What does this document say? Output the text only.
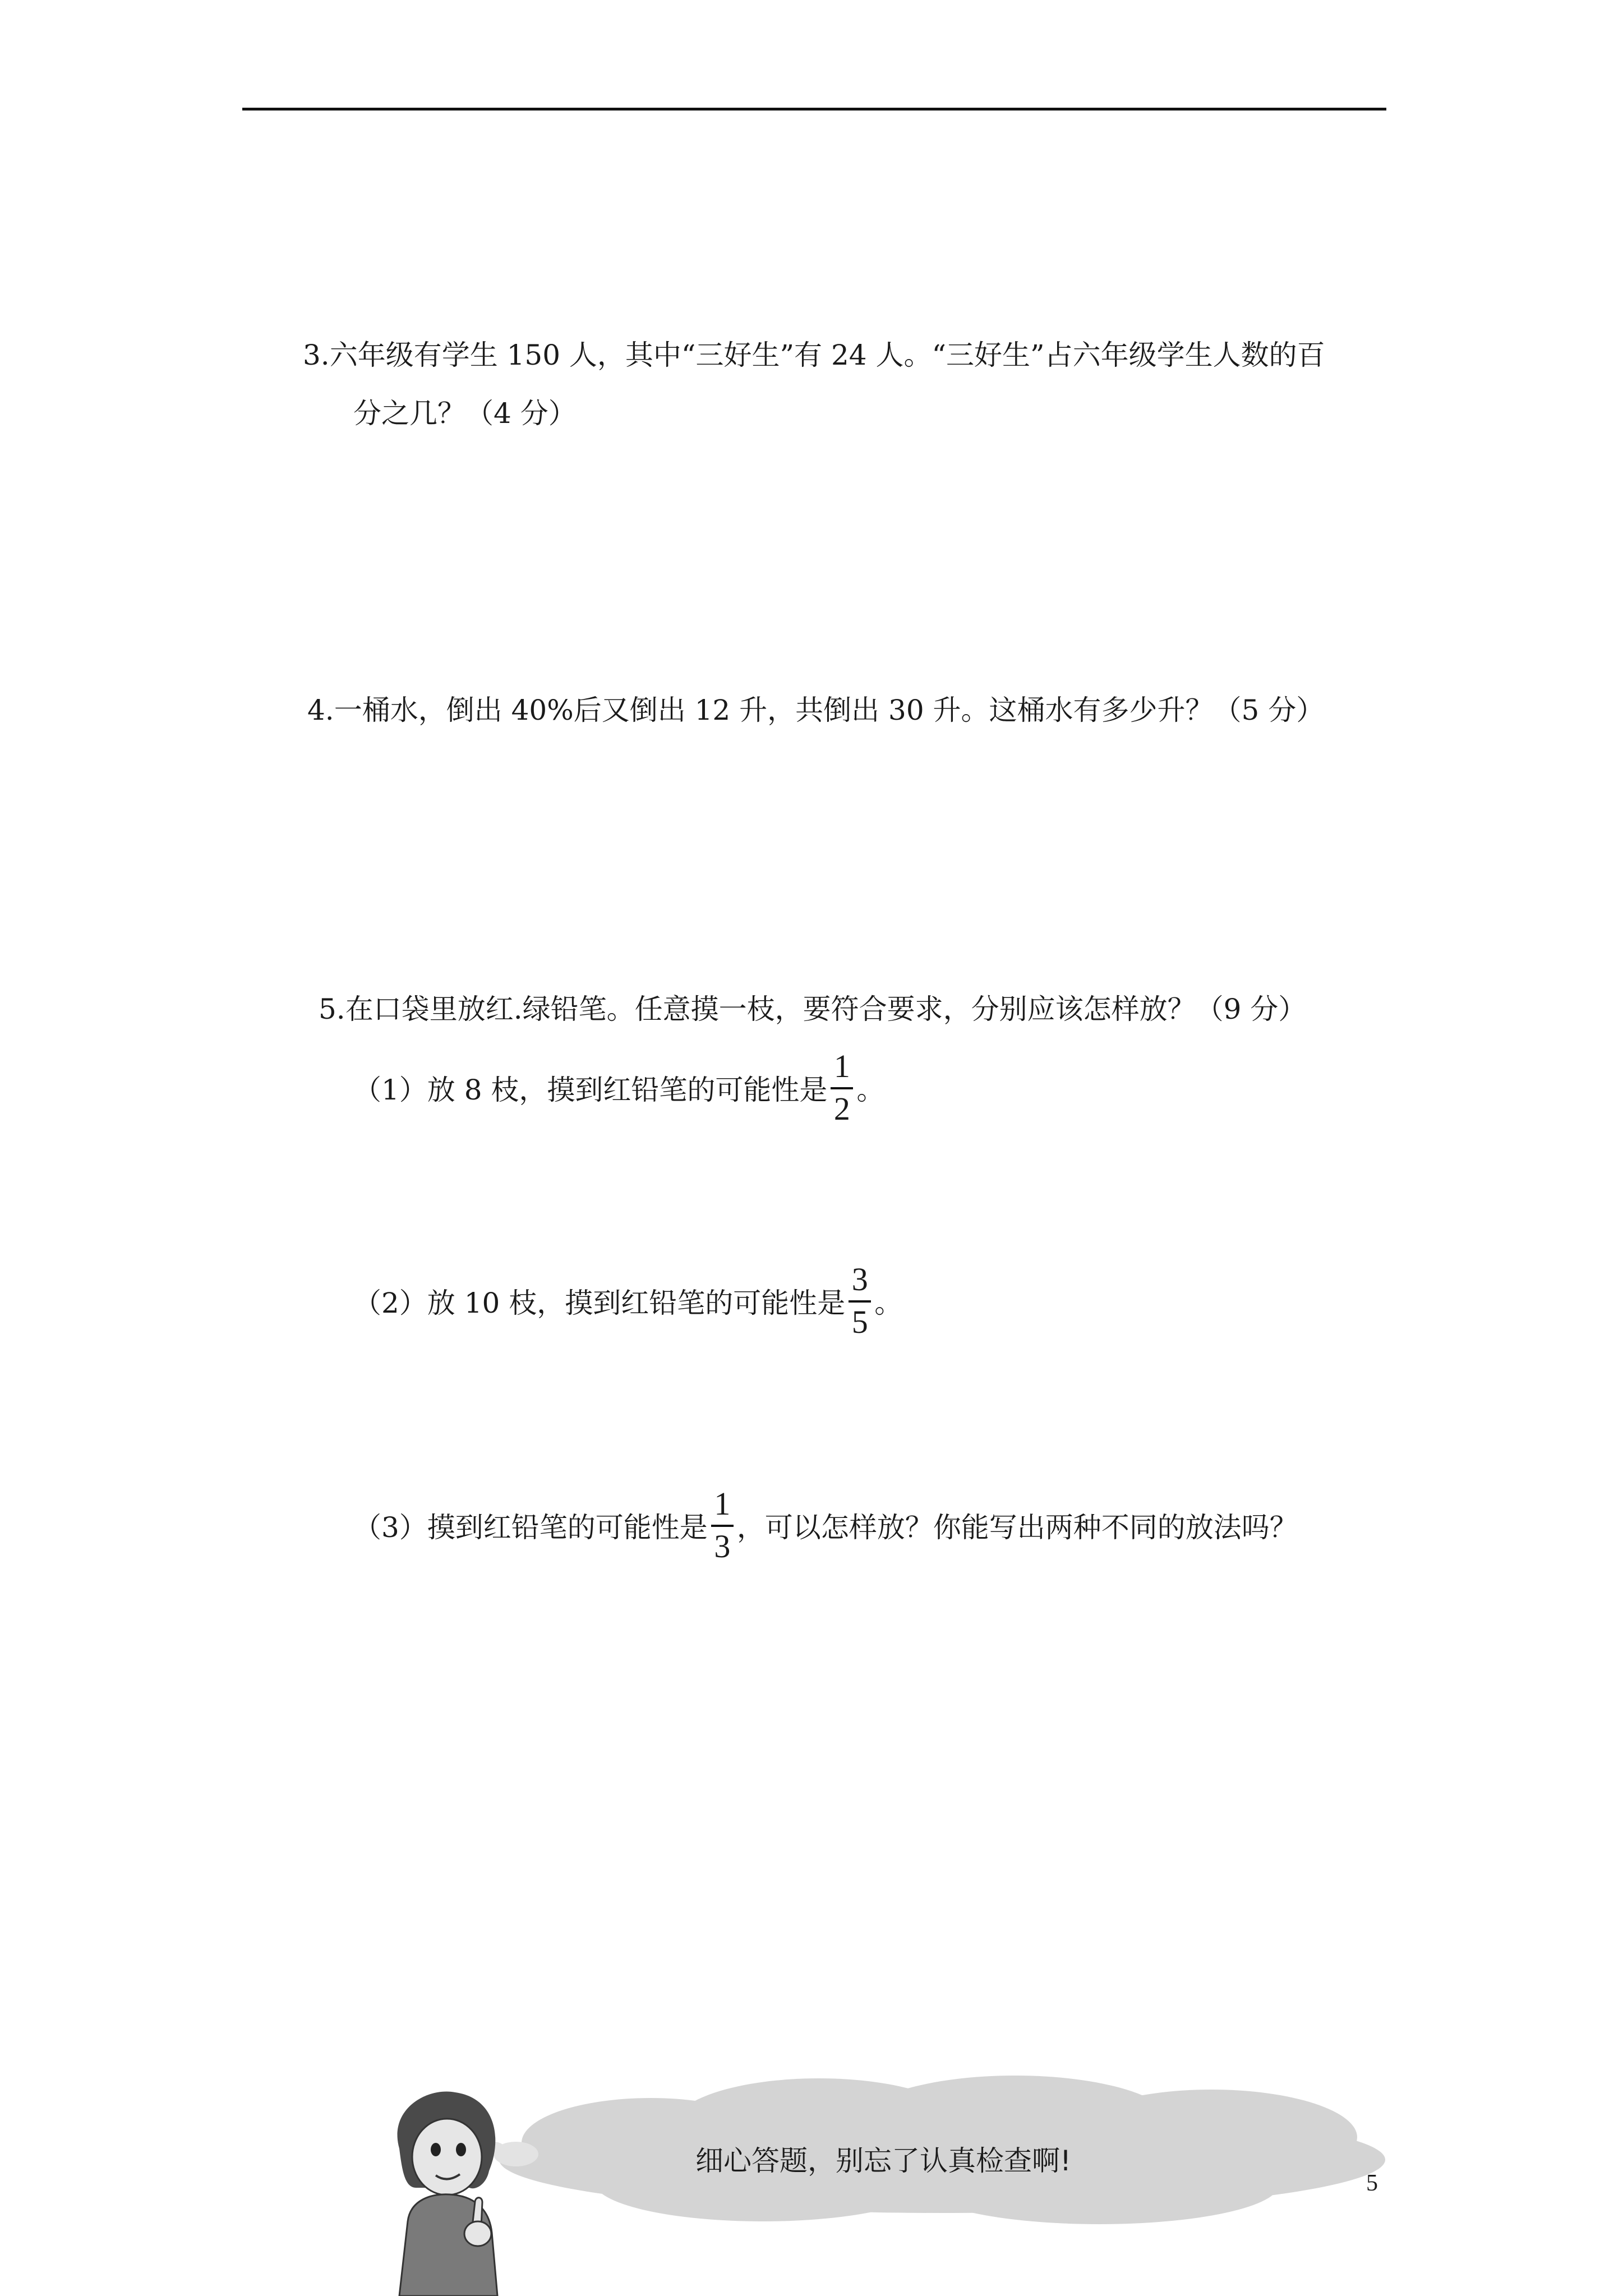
3.六年级有学生 150 人，其中“三好生”有 24 人。“三好生”占六年级学生人数的百
分之几？（4 分）
4.一桶水，倒出 40%后又倒出 12 升，共倒出 30 升。这桶水有多少升？（5 分）
5.在口袋里放红.绿铅笔。任意摸一枝，要符合要求，分别应该怎样放？（9 分）
（1）放 8 枝，摸到红铅笔的可能性是 $\frac{1}{2}$ 。
（2）放 10 枝，摸到红铅笔的可能性是 $\frac{3}{5}$ 。
（3）摸到红铅笔的可能性是 $\frac{1}{3}$ ，可以怎样放？你能写出两种不同的放法吗？
细心答题，别忘了认真检查啊!
5
